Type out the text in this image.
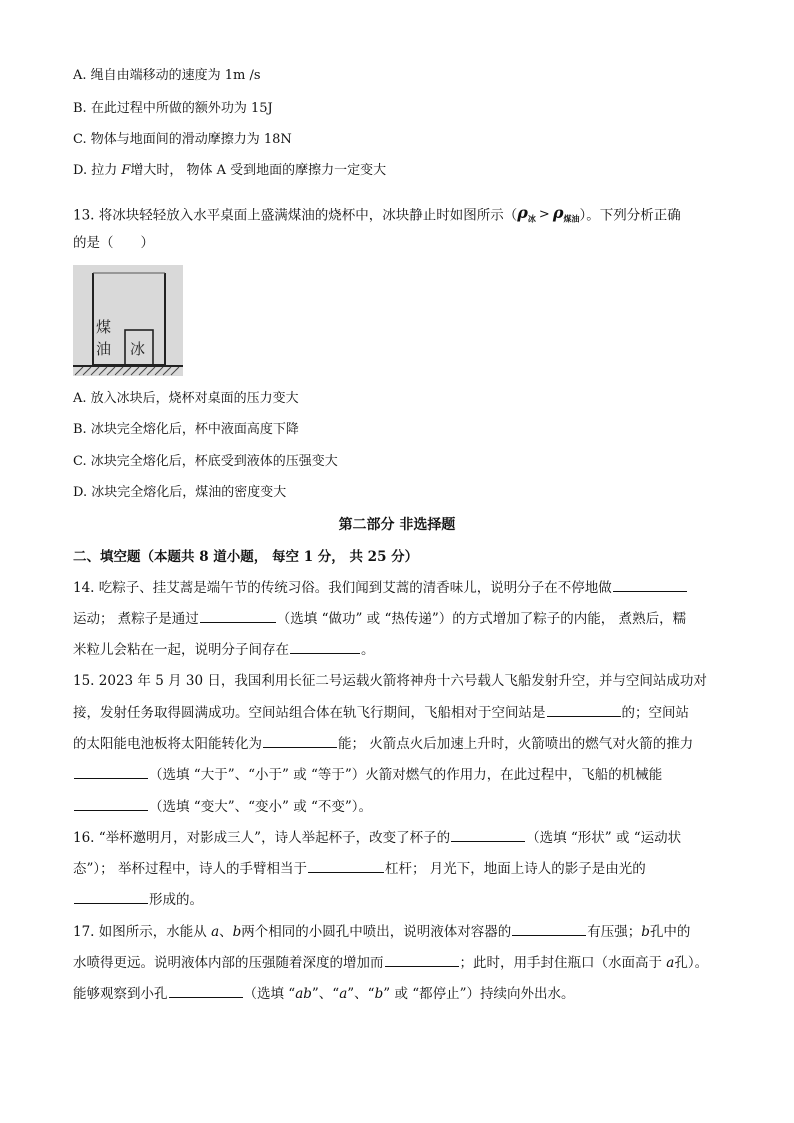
A. 绳自由端移动的速度为 1m /s
B. 在此过程中所做的额外功为 15J
C. 物体与地面间的滑动摩擦力为 18N
D. 拉力 F增大时， 物体 A 受到地面的摩擦力一定变大
13. 将冰块轻轻放入水平桌面上盛满煤油的烧杯中，冰块静止时如图所示$(\rho_冰 > \rho_{煤油})$。下列分析正确
的是（　　）
煤
油 冰
A. 放入冰块后，烧杯对桌面的压力变大
B. 冰块完全熔化后，杯中液面高度下降
C. 冰块完全熔化后，杯底受到液体的压强变大
D. 冰块完全熔化后，煤油的密度变大
第二部分 非选择题
二、填空题（本题共 8 道小题， 每空 1 分， 共 25 分）
14. 吃粽子、挂艾蒿是端午节的传统习俗。我们闻到艾蒿的清香味儿，说明分子在不停地做
运动； 煮粽子是通过	（选填 “做功” 或 “热传递”）的方式增加了粽子的内能， 煮熟后，糯
米粒儿会粘在一起，说明分子间存在	。
15. 2023 年 5 月 30 日，我国利用长征二号运载火箭将神舟十六号载人飞船发射升空，并与空间站成功对
接，发射任务取得圆满成功。空间站组合体在轨飞行期间，飞船相对于空间站是	的；空间站
的太阳能电池板将太阳能转化为	能； 火箭点火后加速上升时，火箭喷出的燃气对火箭的推力
（选填 “大于”、“小于” 或 “等于”）火箭对燃气的作用力，在此过程中，飞船的机械能
（选填 “变大”、“变小” 或 “不变”）。
16. “举杯邀明月，对影成三人”，诗人举起杯子，改变了杯子的	（选填 “形状” 或 “运动状
态”）； 举杯过程中，诗人的手臂相当于	杠杆； 月光下，地面上诗人的影子是由光的
形成的。
17. 如图所示，水能从 a、b两个相同的小圆孔中喷出，说明液体对容器的	有压强；b孔中的
水喷得更远。说明液体内部的压强随着深度的增加而	；此时，用手封住瓶口（水面高于 a孔）。
能够观察到小孔	（选填 “ab”、“a”、“b” 或 “都停止”）持续向外出水。
